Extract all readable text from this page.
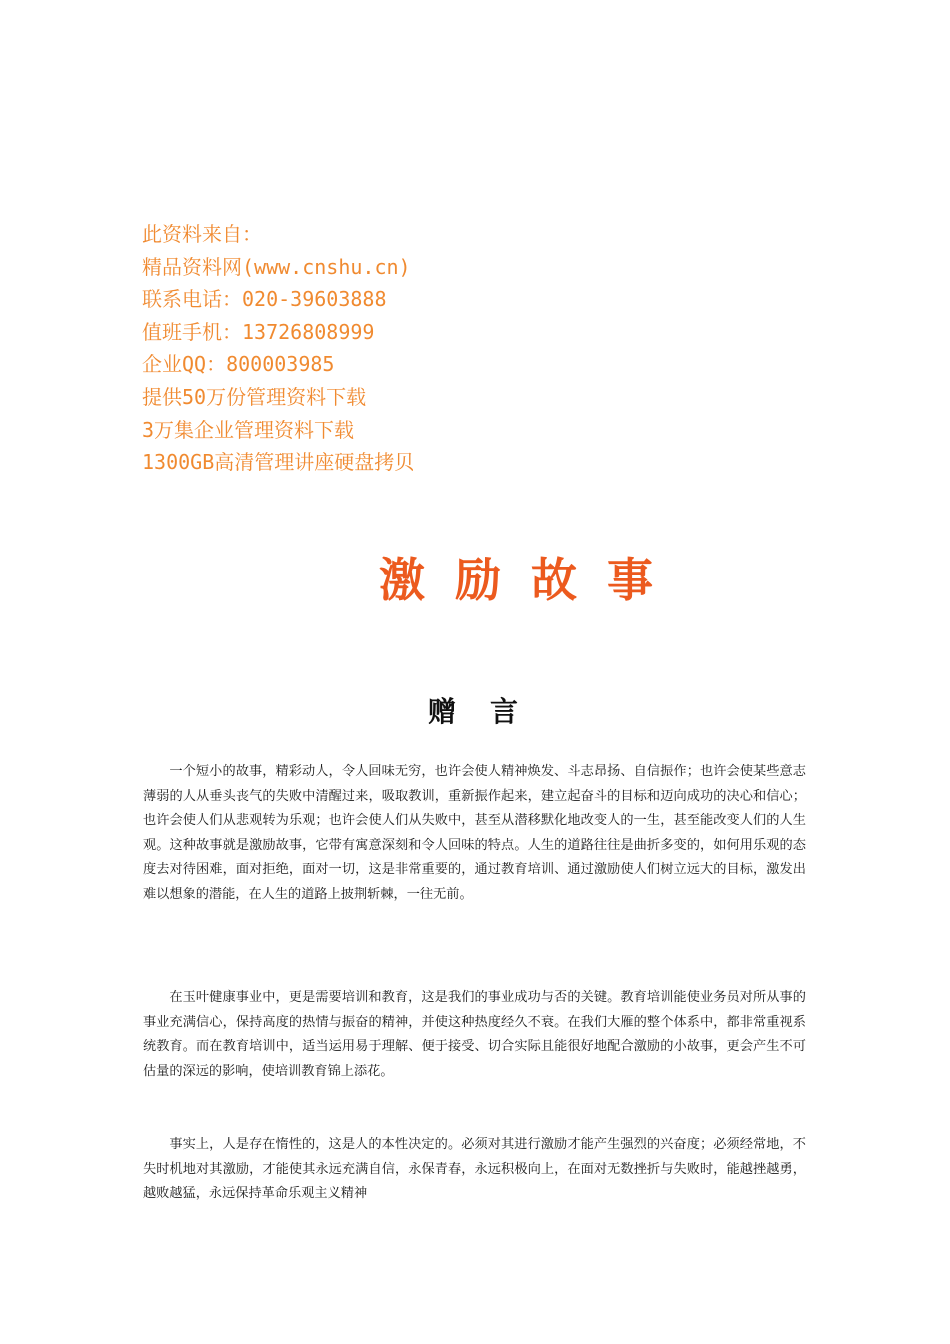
此资料来自：
精品资料网(www.cnshu.cn)
联系电话：020-39603888
值班手机：13726808999
企业QQ：800003985
提供50万份管理资料下载
3万集企业管理资料下载
1300GB高清管理讲座硬盘拷贝
激励故事
赠言

一个短小的故事，精彩动人，令人回味无穷，也许会使人精神焕发、斗志昂扬、自信振作；也许会使某些意志薄弱的人从垂头丧气的失败中清醒过来，吸取教训，重新振作起来，建立起奋斗的目标和迈向成功的决心和信心；也许会使人们从悲观转为乐观；也许会使人们从失败中，甚至从潜移默化地改变人的一生，甚至能改变人们的人生观。这种故事就是激励故事，它带有寓意深刻和令人回味的特点。人生的道路往往是曲折多变的，如何用乐观的态度去对待困难，面对拒绝，面对一切，这是非常重要的，通过教育培训、通过激励使人们树立远大的目标，激发出难以想象的潜能，在人生的道路上披荆斩棘，一往无前。

在玉叶健康事业中，更是需要培训和教育，这是我们的事业成功与否的关键。教育培训能使业务员对所从事的事业充满信心，保持高度的热情与振奋的精神，并使这种热度经久不衰。在我们大雁的整个体系中，都非常重视系统教育。而在教育培训中，适当运用易于理解、便于接受、切合实际且能很好地配合激励的小故事，更会产生不可估量的深远的影响，使培训教育锦上添花。

事实上，人是存在惰性的，这是人的本性决定的。必须对其进行激励才能产生强烈的兴奋度；必须经常地，不失时机地对其激励，才能使其永远充满自信，永保青春，永远积极向上，在面对无数挫折与失败时，能越挫越勇，越败越猛，永远保持革命乐观主义精神
